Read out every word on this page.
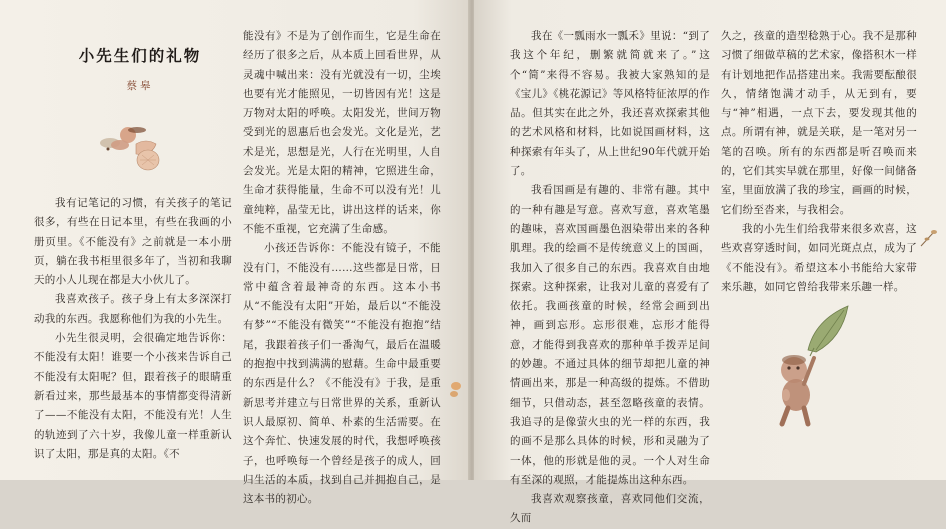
小先生们的礼物
蔡皋

我有记笔记的习惯，有关孩子的笔记很多，有些在日记本里，有些在我画的小册页里。《不能没有》之前就是一本小册页，躺在我书柜里很多年了，当初和我聊天的小人儿现在都是大小伙儿了。

我喜欢孩子。孩子身上有太多深深打动我的东西。我愿称他们为我的小先生。

小先生很灵明，会很确定地告诉你：不能没有太阳！谁要一个小孩来告诉自己不能没有太阳呢？但，跟着孩子的眼睛重新看过来，那些最基本的事情都变得清新了——不能没有太阳，不能没有光！人生的轨迹到了六十岁，我像儿童一样重新认识了太阳，那是真的太阳。《不

能没有》不是为了创作而生，它是生命在经历了很多之后，从本质上回看世界，从灵魂中喊出来：没有光就没有一切，尘埃也要有光才能照见，一切皆因有光！这是万物对太阳的呼唤。太阳发光，世间万物受到光的恩惠后也会发光。文化是光，艺术是光，思想是光，人行在光明里，人自会发光。光是太阳的精神，它照进生命，生命才获得能量，生命不可以没有光！儿童纯粹，晶莹无比，讲出这样的话来，你不能不重视，它充满了生命感。

小孩还告诉你：不能没有镜子，不能没有门，不能没有……这些都是日常，日常中蕴含着最神奇的东西。这本小书从“不能没有太阳”开始，最后以“不能没有梦”“不能没有微笑”“不能没有抱抱”结尾，我跟着孩子们一番淘气，最后在温暖的抱抱中找到满满的慰藉。生命中最重要的东西是什么？《不能没有》于我，是重新思考并建立与日常世界的关系，重新认识人最原初、简单、朴素的生活需要。在这个奔忙、快速发展的时代，我想呼唤孩子，也呼唤每一个曾经是孩子的成人，回归生活的本质，找到自己并拥抱自己，是这本书的初心。

我在《一瓢雨水一瓢禾》里说：“到了我这个年纪，删繁就简就来了。”这个“简”来得不容易。我被大家熟知的是《宝儿》《桃花源记》等风格特征浓厚的作品。但其实在此之外，我还喜欢探索其他的艺术风格和材料，比如说国画材料，这种探索有年头了，从上世纪90年代就开始了。

我看国画是有趣的、非常有趣。其中的一种有趣是写意。喜欢写意，喜欢笔墨的趣味，喜欢国画墨色洇染带出来的各种肌理。我的绘画不是传统意义上的国画，我加入了很多自己的东西。我喜欢自由地探索。这种探索，让我对儿童的喜爱有了依托。我画孩童的时候，经常会画到出神，画到忘形。忘形很难，忘形才能得意，才能得到我喜欢的那种单手拨弄足间的妙趣。不通过具体的细节却把儿童的神情画出来，那是一种高级的提炼。不借助细节，只借动态，甚至忽略孩童的表情。我追寻的是像萤火虫的光一样的东西，我的画不是那么具体的时候，形和灵融为了一体，他的形就是他的灵。一个人对生命有至深的观照，才能提炼出这种东西。

我喜欢观察孩童，喜欢同他们交流，久而

久之，孩童的造型稔熟于心。我不是那种习惯了细做草稿的艺术家，像搭积木一样有计划地把作品搭建出来。我需要酝酿很久，情绪饱满才动手，从无到有，要与“神”相遇，一点下去，要发现其他的点。所谓有神，就是关联，是一笔对另一笔的召唤。所有的东西都是听召唤而来的，它们其实早就在那里，好像一间储备室，里面放满了我的珍宝，画画的时候，它们纷至沓来，与我相会。

我的小先生们给我带来很多欢喜，这些欢喜穿透时间，如同光斑点点，成为了《不能没有》。希望这本小书能给大家带来乐趣，如同它曾给我带来乐趣一样。
